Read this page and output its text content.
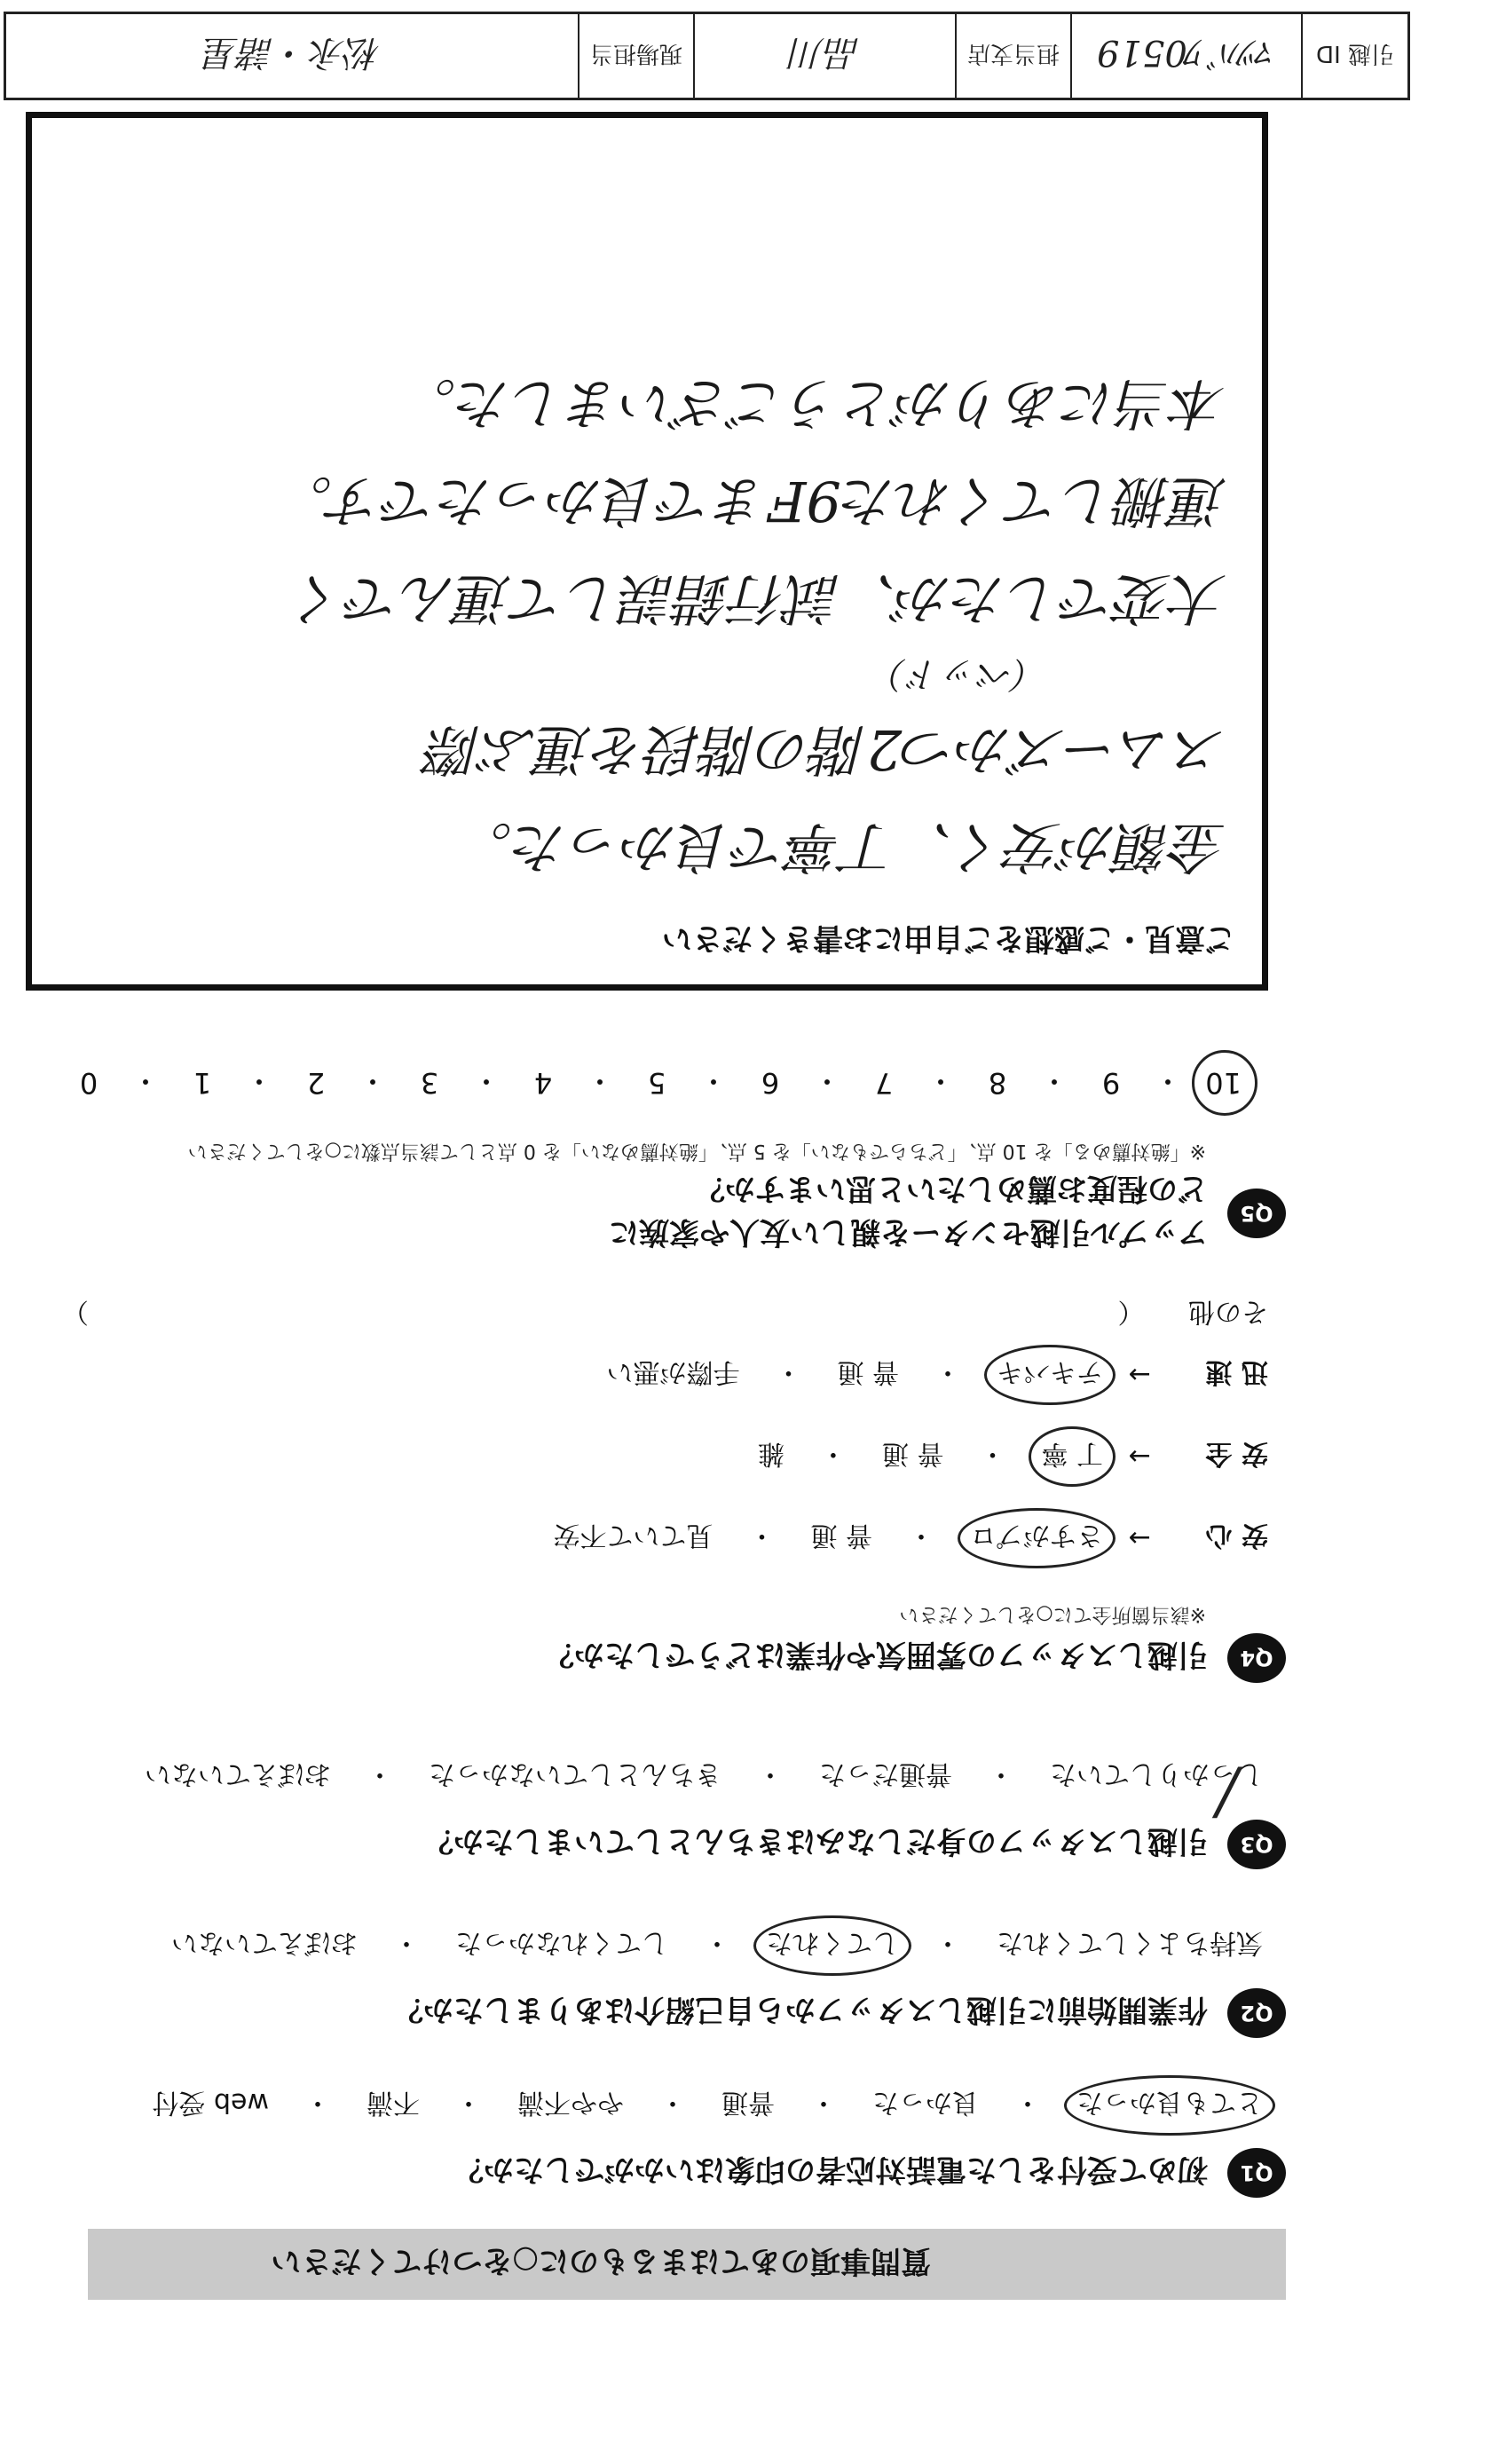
引越 ID
ﾏﾂﾊﾞﾜ0519
担当支店
品川
現場担当
松永・諸星
ご意見・ご感想をご自由にお書きください
金額が安く、丁寧で良かった。
スムーズかつ2階の階段を運ぶ際
（ベッド）
大変でしたが、試行錯誤して運んでく
運搬してくれた9Fまで良かったです。
本当にありがとうございました。
質問事項のあてはまるものに○をつけてください
Q1
初めて受付をした電話対応者の印象はいかがでしたか？
とても良かった
・
良かった
・
普通
・
やや不満
・
不満
・
web 受付
Q2
作業開始前に引越しスタッフから自己紹介はありましたか？
気持ちよくしてくれた
・
してくれた
・
してくれなかった
・
おぼえていない
Q3
引越しスタッフの身だしなみはきちんとしていましたか？
しっかりしていた /
・
普通だった
・
きちんとしていなかった
・
おぼえていない
Q4
引越しスタッフの雰囲気や作業はどうでしたか？
※該当箇所全てに○をしてください
安 心
→
さすがプロ
・
普 通
・
見ていて不安
安 全
→
丁 寧
・
普 通
・
雑
迅 速
→
テキパキ
・
普 通
・
手際が悪い
その他 （ ）
Q5
アップル引越センターを親しい友人や家族に
どの程度お薦めしたいと思いますか？
※「絶対薦める」を 10 点、「どちらでもない」を 5 点、「絶対薦めない」を 0 点として該当点数に○をしてください
10
・
9
・
8
・
7
・
6
・
5
・
4
・
3
・
2
・
1
・
0
